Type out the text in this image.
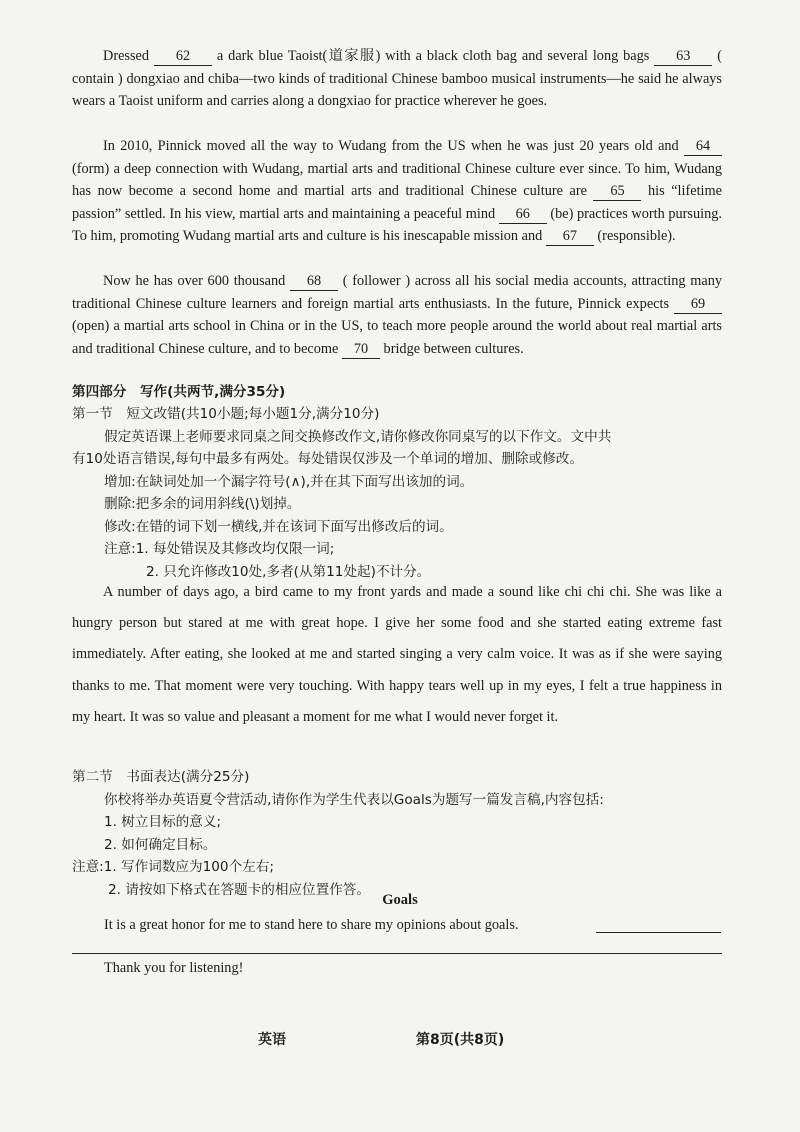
Dressed 62 a dark blue Taoist(道家服) with a black cloth bag and several long bags 63 ( contain ) dongxiao and chiba—two kinds of traditional Chinese bamboo musical instruments—he said he always wears a Taoist uniform and carries along a dongxiao for practice wherever he goes.

In 2010, Pinnick moved all the way to Wudang from the US when he was just 20 years old and 64 (form) a deep connection with Wudang, martial arts and traditional Chinese culture ever since. To him, Wudang has now become a second home and martial arts and traditional Chinese culture are 65 his “lifetime passion” settled. In his view, martial arts and maintaining a peaceful mind 66 (be) practices worth pursuing. To him, promoting Wudang martial arts and culture is his inescapable mission and 67 (responsible).

Now he has over 600 thousand 68 ( follower ) across all his social media accounts, attracting many traditional Chinese culture learners and foreign martial arts enthusiasts. In the future, Pinnick expects 69 (open) a martial arts school in China or in the US, to teach more people around the world about real martial arts and traditional Chinese culture, and to become 70 bridge between cultures.

第四部分　写作(共两节,满分35分)

第一节　短文改错(共10小题;每小题1分,满分10分)

假定英语课上老师要求同桌之间交换修改作文,请你修改你同桌写的以下作文。文中共

有10处语言错误,每句中最多有两处。每处错误仅涉及一个单词的增加、删除或修改。

增加:在缺词处加一个漏字符号(∧),并在其下面写出该加的词。

删除:把多余的词用斜线(\)划掉。

修改:在错的词下划一横线,并在该词下面写出修改后的词。

注意:1. 每处错误及其修改均仅限一词;

2. 只允许修改10处,多者(从第11处起)不计分。

A number of days ago, a bird came to my front yards and made a sound like chi chi chi. She was like a hungry person but stared at me with great hope. I give her some food and she started eating extreme fast immediately. After eating, she looked at me and started singing a very calm voice. It was as if she were saying thanks to me. That moment were very touching. With happy tears well up in my eyes, I felt a true happiness in my heart. It was so value and pleasant a moment for me what I would never forget it.

第二节　书面表达(满分25分)

你校将举办英语夏令营活动,请你作为学生代表以Goals为题写一篇发言稿,内容包括:

1. 树立目标的意义;

2. 如何确定目标。

注意:1. 写作词数应为100个左右;

2. 请按如下格式在答题卡的相应位置作答。

Goals

It is a great honor for me to stand here to share my opinions about goals.

Thank you for listening!

英语	第8页(共8页)
